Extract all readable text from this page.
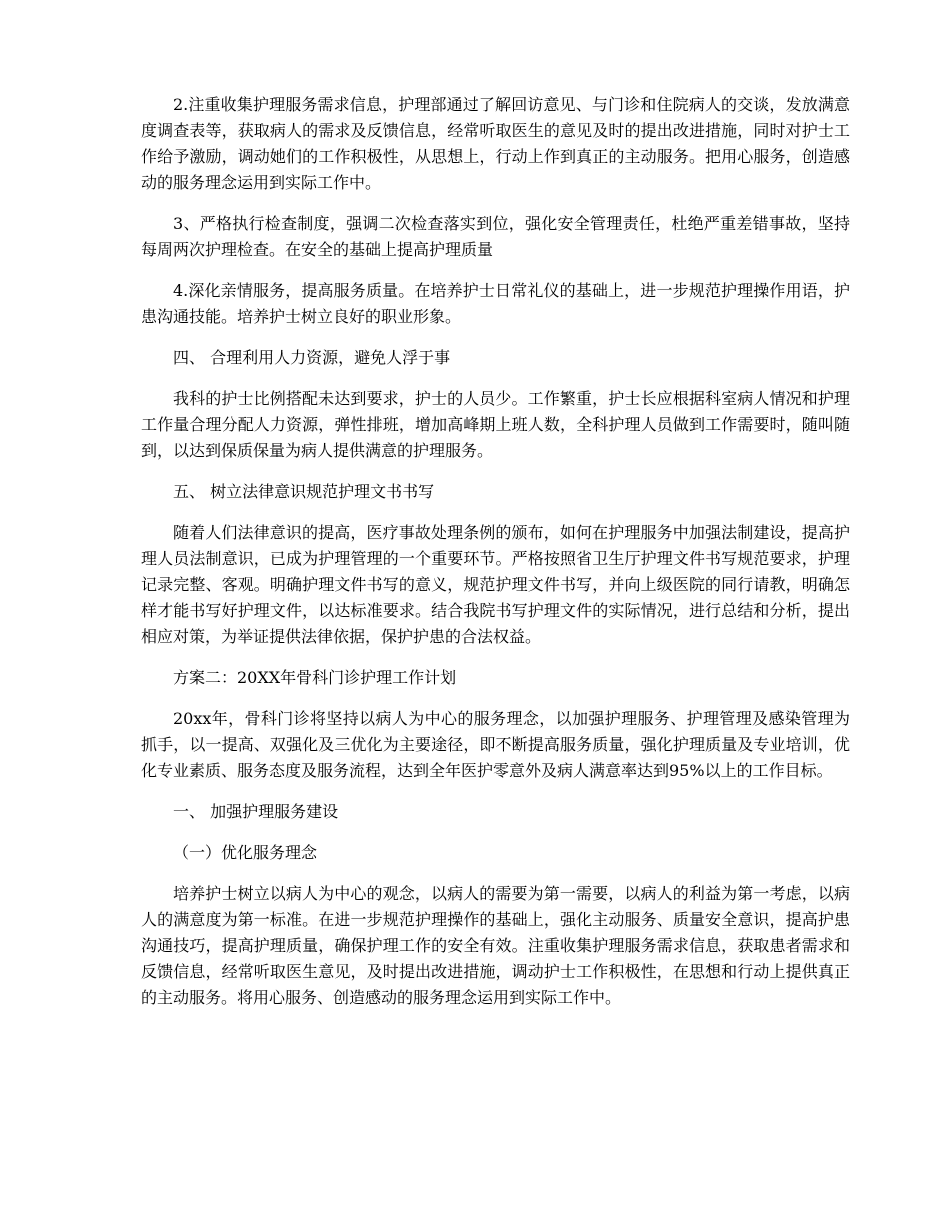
2.注重收集护理服务需求信息，护理部通过了解回访意见、与门诊和住院病人的交谈，发放满意度调查表等，获取病人的需求及反馈信息，经常听取医生的意见及时的提出改进措施，同时对护士工作给予激励，调动她们的工作积极性，从思想上，行动上作到真正的主动服务。把用心服务，创造感动的服务理念运用到实际工作中。

3、严格执行检查制度，强调二次检查落实到位，强化安全管理责任，杜绝严重差错事故，坚持每周两次护理检查。在安全的基础上提高护理质量

4.深化亲情服务，提高服务质量。在培养护士日常礼仪的基础上，进一步规范护理操作用语，护患沟通技能。培养护士树立良好的职业形象。

四、 合理利用人力资源，避免人浮于事

我科的护士比例搭配未达到要求，护士的人员少。工作繁重，护士长应根据科室病人情况和护理工作量合理分配人力资源，弹性排班，增加高峰期上班人数，全科护理人员做到工作需要时，随叫随到，以达到保质保量为病人提供满意的护理服务。

五、 树立法律意识规范护理文书书写

随着人们法律意识的提高，医疗事故处理条例的颁布，如何在护理服务中加强法制建设，提高护理人员法制意识，已成为护理管理的一个重要环节。严格按照省卫生厅护理文件书写规范要求，护理记录完整、客观。明确护理文件书写的意义，规范护理文件书写，并向上级医院的同行请教，明确怎样才能书写好护理文件，以达标准要求。结合我院书写护理文件的实际情况，进行总结和分析，提出相应对策，为举证提供法律依据，保护护患的合法权益。

方案二：20XX年骨科门诊护理工作计划

20xx年，骨科门诊将坚持以病人为中心的服务理念，以加强护理服务、护理管理及感染管理为抓手，以一提高、双强化及三优化为主要途径，即不断提高服务质量，强化护理质量及专业培训，优化专业素质、服务态度及服务流程，达到全年医护零意外及病人满意率达到95%以上的工作目标。

一、 加强护理服务建设

（一）优化服务理念

培养护士树立以病人为中心的观念，以病人的需要为第一需要，以病人的利益为第一考虑，以病人的满意度为第一标准。在进一步规范护理操作的基础上，强化主动服务、质量安全意识，提高护患沟通技巧，提高护理质量，确保护理工作的安全有效。注重收集护理服务需求信息，获取患者需求和反馈信息，经常听取医生意见，及时提出改进措施，调动护士工作积极性，在思想和行动上提供真正的主动服务。将用心服务、创造感动的服务理念运用到实际工作中。
